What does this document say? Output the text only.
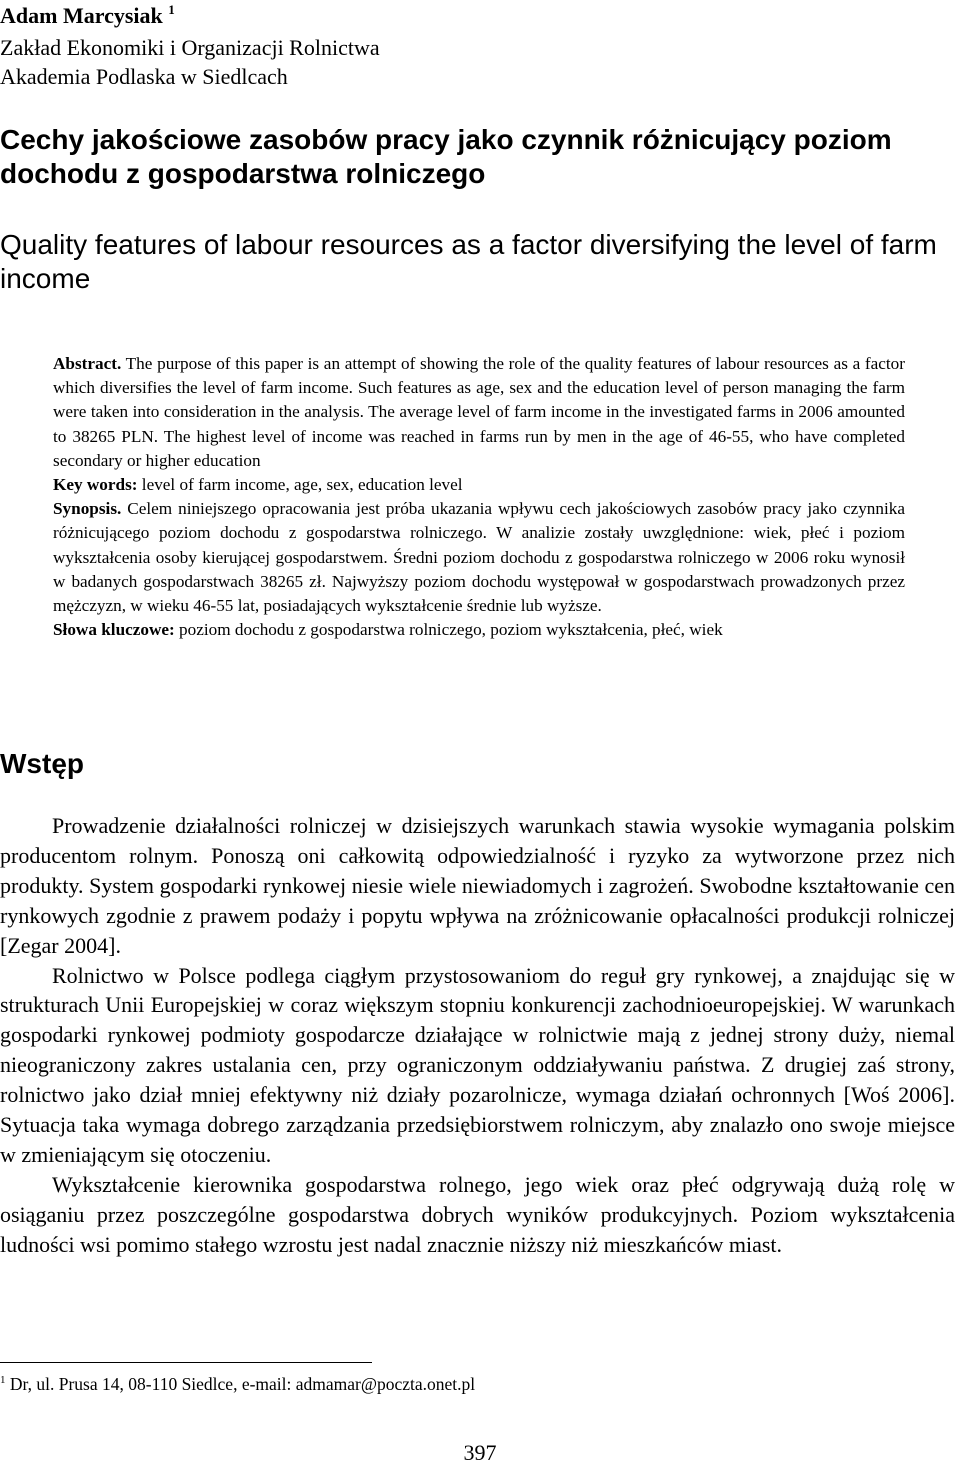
Adam Marcysiak $^1$
Zakład Ekonomiki i Organizacji Rolnictwa
Akademia Podlaska w Siedlcach
Cechy jakościowe zasobów pracy jako czynnik różnicujący poziom dochodu z gospodarstwa rolniczego
Quality features of labour resources as a factor diversifying the level of farm income

Abstract. The purpose of this paper is an attempt of showing the role of the quality features of labour resources as a factor which diversifies the level of farm income. Such features as age, sex and the education level of person managing the farm were taken into consideration in the analysis. The average level of farm income in the investigated farms in 2006 amounted to 38265 PLN. The highest level of income was reached in farms run by men in the age of 46-55, who have completed secondary or higher education

Key words: level of farm income, age, sex, education level

Synopsis. Celem niniejszego opracowania jest próba ukazania wpływu cech jakościowych zasobów pracy jako czynnika różnicującego poziom dochodu z gospodarstwa rolniczego. W analizie zostały uwzględnione: wiek, płeć i poziom wykształcenia osoby kierującej gospodarstwem. Średni poziom dochodu z gospodarstwa rolniczego w 2006 roku wynosił w badanych gospodarstwach 38265 zł. Najwyższy poziom dochodu występował w gospodarstwach prowadzonych przez mężczyzn, w wieku 46-55 lat, posiadających wykształcenie średnie lub wyższe.

Słowa kluczowe: poziom dochodu z gospodarstwa rolniczego, poziom wykształcenia, płeć, wiek

Wstęp

Prowadzenie działalności rolniczej w dzisiejszych warunkach stawia wysokie wymagania polskim producentom rolnym. Ponoszą oni całkowitą odpowiedzialność i ryzyko za wytworzone przez nich produkty. System gospodarki rynkowej niesie wiele niewiadomych i zagrożeń. Swobodne kształtowanie cen rynkowych zgodnie z prawem podaży i popytu wpływa na zróżnicowanie opłacalności produkcji rolniczej [Zegar 2004].

Rolnictwo w Polsce podlega ciągłym przystosowaniom do reguł gry rynkowej, a znajdując się w strukturach Unii Europejskiej w coraz większym stopniu konkurencji zachodnioeuropejskiej. W warunkach gospodarki rynkowej podmioty gospodarcze działające w rolnictwie mają z jednej strony duży, niemal nieograniczony zakres ustalania cen, przy ograniczonym oddziaływaniu państwa. Z drugiej zaś strony, rolnictwo jako dział mniej efektywny niż działy pozarolnicze, wymaga działań ochronnych [Woś 2006]. Sytuacja taka wymaga dobrego zarządzania przedsiębiorstwem rolniczym, aby znalazło ono swoje miejsce w zmieniającym się otoczeniu.

Wykształcenie kierownika gospodarstwa rolnego, jego wiek oraz płeć odgrywają dużą rolę w osiąganiu przez poszczególne gospodarstwa dobrych wyników produkcyjnych. Poziom wykształcenia ludności wsi pomimo stałego wzrostu jest nadal znacznie niższy niż mieszkańców miast.

$^1$ Dr, ul. Prusa 14, 08-110 Siedlce, e-mail: admamar@poczta.onet.pl
397
